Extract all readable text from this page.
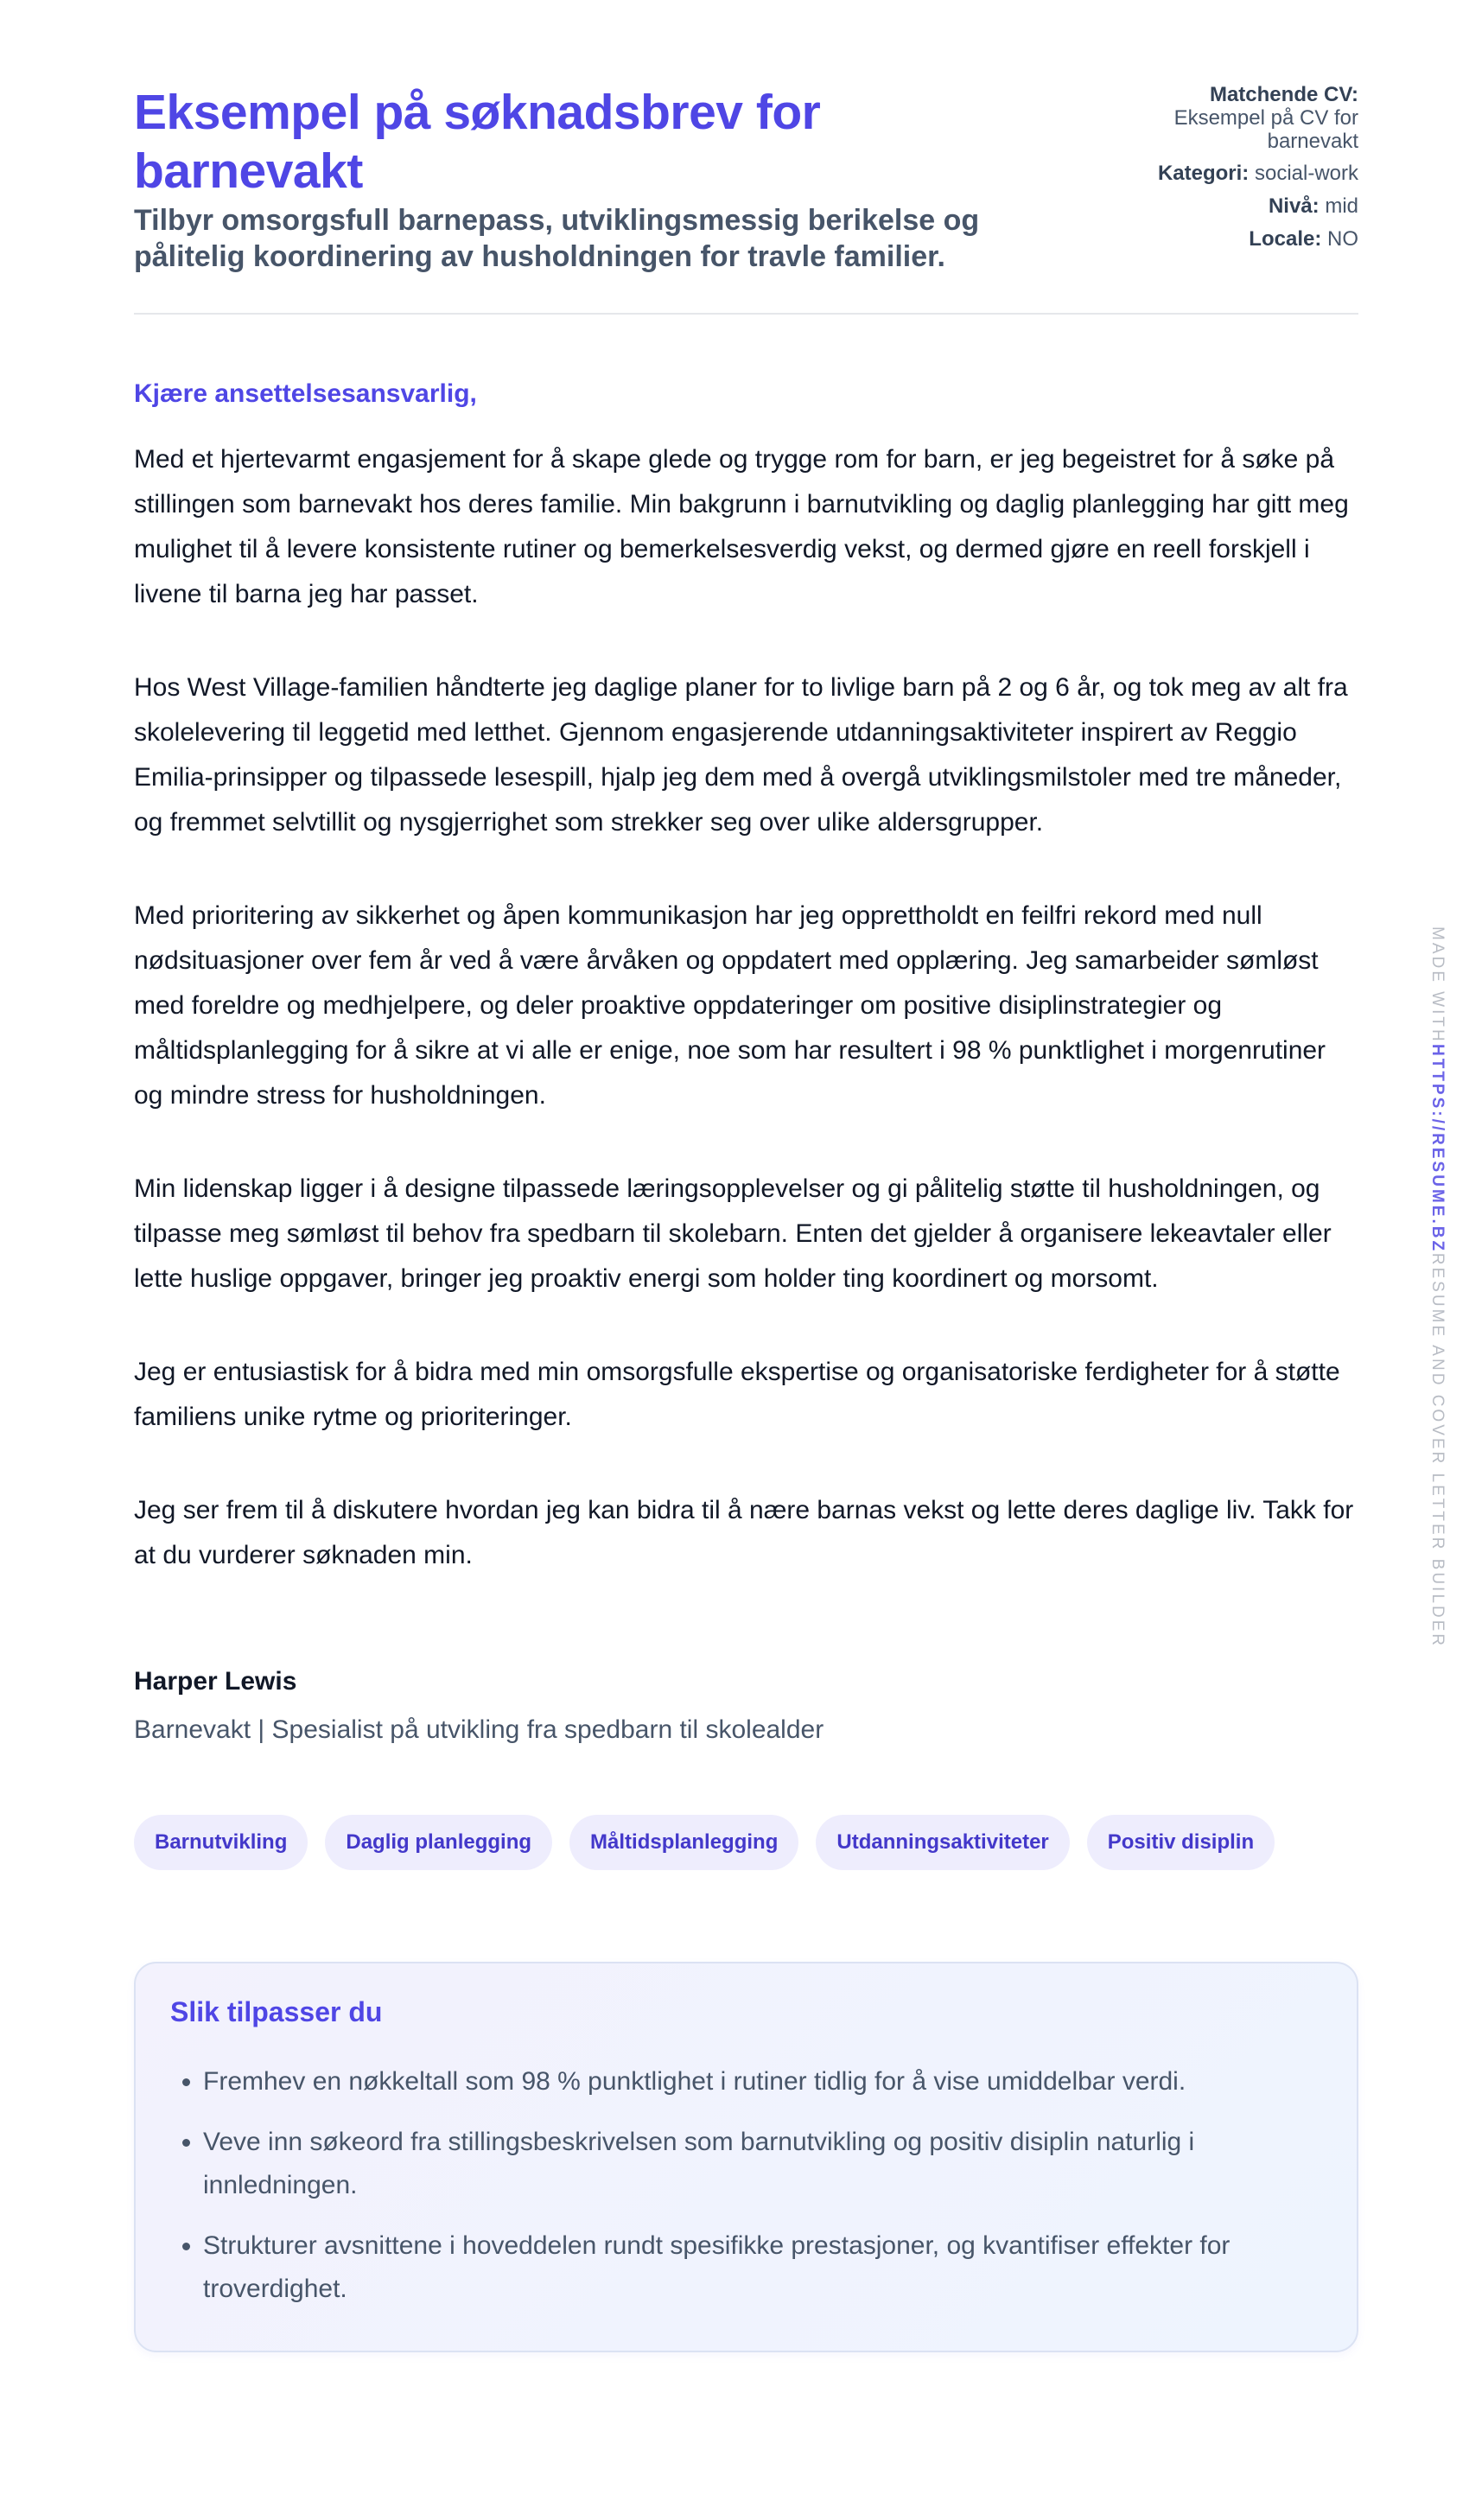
Eksempel på søknadsbrev for barnevakt

Tilbyr omsorgsfull barnepass, utviklingsmessig berikelse og pålitelig koordinering av husholdningen for travle familier.

Matchende CV:
Eksempel på CV for barnevakt
Kategori: social-work
Nivå: mid
Locale: NO

Kjære ansettelsesansvarlig,

Med et hjertevarmt engasjement for å skape glede og trygge rom for barn, er jeg begeistret for å søke på stillingen som barnevakt hos deres familie. Min bakgrunn i barnutvikling og daglig planlegging har gitt meg mulighet til å levere konsistente rutiner og bemerkelsesverdig vekst, og dermed gjøre en reell forskjell i livene til barna jeg har passet.

Hos West Village-familien håndterte jeg daglige planer for to livlige barn på 2 og 6 år, og tok meg av alt fra skolelevering til leggetid med letthet. Gjennom engasjerende utdanningsaktiviteter inspirert av Reggio Emilia-prinsipper og tilpassede lesespill, hjalp jeg dem med å overgå utviklingsmilstoler med tre måneder, og fremmet selvtillit og nysgjerrighet som strekker seg over ulike aldersgrupper.

Med prioritering av sikkerhet og åpen kommunikasjon har jeg opprettholdt en feilfri rekord med null nødsituasjoner over fem år ved å være årvåken og oppdatert med opplæring. Jeg samarbeider sømløst med foreldre og medhjelpere, og deler proaktive oppdateringer om positive disiplinstrategier og måltidsplanlegging for å sikre at vi alle er enige, noe som har resultert i 98 % punktlighet i morgenrutiner og mindre stress for husholdningen.

Min lidenskap ligger i å designe tilpassede læringsopplevelser og gi pålitelig støtte til husholdningen, og tilpasse meg sømløst til behov fra spedbarn til skolebarn. Enten det gjelder å organisere lekeavtaler eller lette huslige oppgaver, bringer jeg proaktiv energi som holder ting koordinert og morsomt.

Jeg er entusiastisk for å bidra med min omsorgsfulle ekspertise og organisatoriske ferdigheter for å støtte familiens unike rytme og prioriteringer.

Jeg ser frem til å diskutere hvordan jeg kan bidra til å nære barnas vekst og lette deres daglige liv. Takk for at du vurderer søknaden min.

Harper Lewis
Barnevakt | Spesialist på utvikling fra spedbarn til skolealder
Barnutvikling	Daglig planlegging	Måltidsplanlegging	Utdanningsaktiviteter	Positiv disiplin
Slik tilpasser du
• Fremhev en nøkkeltall som 98 % punktlighet i rutiner tidlig for å vise umiddelbar verdi.
• Veve inn søkeord fra stillingsbeskrivelsen som barnutvikling og positiv disiplin naturlig i innledningen.
• Strukturer avsnittene i hoveddelen rundt spesifikke prestasjoner, og kvantifiser effekter for troverdighet.
MADE WITHHTTPS://RESUME.BZRESUME AND COVER LETTER BUILDER
